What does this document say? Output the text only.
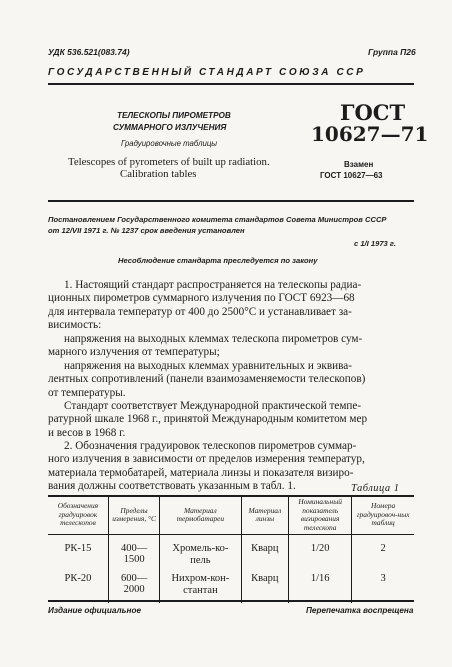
УДК 536.521(083.74)	Группа П26
ГОСУДАРСТВЕННЫЙ СТАНДАРТ СОЮЗА ССР
ТЕЛЕСКОПЫ ПИРОМЕТРОВ
СУММАРНОГО ИЗЛУЧЕНИЯ
Градуировочные таблицы
Telescopes of pyrometers of built up radiation.
Calibration tables
ГОСТ
10627—71
Взамен
ГОСТ 10627—63
Постановлением Государственного комитета стандартов Совета Министров СССР
от 12/VII 1971 г. № 1237 срок введения установлен
с 1/I 1973 г.
Несоблюдение стандарта преследуется по закону
1. Настоящий стандарт распространяется на телескопы радиа-
ционных пирометров суммарного излучения по ГОСТ 6923—68
для интервала температур от 400 до 2500°С и устанавливает за-
висимость:
напряжения на выходных клеммах телескопа пирометров сум-
марного излучения от температуры;
напряжения на выходных клеммах уравнительных и эквива-
лентных сопротивлений (панели взаимозаменяемости телескопов)
от температуры.
Стандарт соответствует Международной практической темпе-
ратурной шкале 1968 г., принятой Международным комитетом мер
и весов в 1968 г.
2. Обозначения градуировок телескопов пирометров суммар-
ного излучения в зависимости от пределов измерения температур,
материала термобатарей, материала линзы и показателя визиро-
вания должны соответствовать указанным в табл. 1.	Таблица 1
Обозначения градуировок телескопов	Пределы измерения, °С	Материал термобатареи	Материал линзы	Номинальный показатель визирования телескопа	Номера градуировоч-ных таблиц
РК-15	400—1500	Хромель-ко-
пель	Кварц	1/20	2
РК-20	600—2000	Нихром-кон-
стантан	Кварц	1/16	3
Издание официальное	Перепечатка воспрещена
